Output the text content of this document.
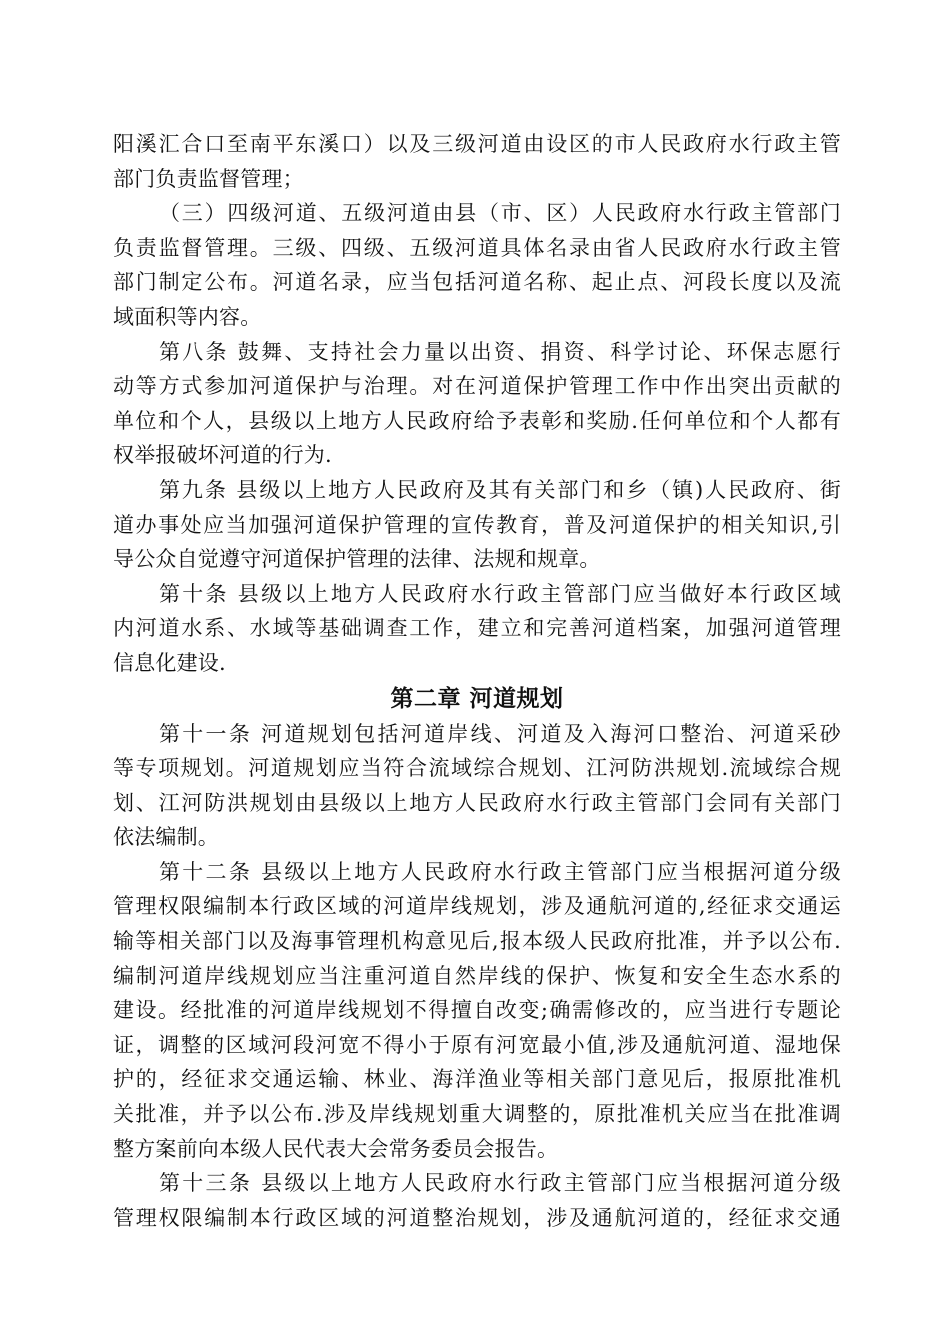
阳溪汇合口至南平东溪口）以及三级河道由设区的市人民政府水行政主管
部门负责监督管理；
（三）四级河道、五级河道由县（市、区）人民政府水行政主管部门
负责监督管理。三级、四级、五级河道具体名录由省人民政府水行政主管
部门制定公布。河道名录，应当包括河道名称、起止点、河段长度以及流
域面积等内容。
第八条 鼓舞、支持社会力量以出资、捐资、科学讨论、环保志愿行
动等方式参加河道保护与治理。对在河道保护管理工作中作出突出贡献的
单位和个人，县级以上地方人民政府给予表彰和奖励.任何单位和个人都有
权举报破坏河道的行为.
第九条 县级以上地方人民政府及其有关部门和乡（镇)人民政府、街
道办事处应当加强河道保护管理的宣传教育，普及河道保护的相关知识,引
导公众自觉遵守河道保护管理的法律、法规和规章。
第十条 县级以上地方人民政府水行政主管部门应当做好本行政区域
内河道水系、水域等基础调查工作，建立和完善河道档案，加强河道管理
信息化建设.
第二章 河道规划
第十一条 河道规划包括河道岸线、河道及入海河口整治、河道采砂
等专项规划。河道规划应当符合流域综合规划、江河防洪规划.流域综合规
划、江河防洪规划由县级以上地方人民政府水行政主管部门会同有关部门
依法编制。
第十二条 县级以上地方人民政府水行政主管部门应当根据河道分级
管理权限编制本行政区域的河道岸线规划，涉及通航河道的,经征求交通运
输等相关部门以及海事管理机构意见后,报本级人民政府批准，并予以公布.
编制河道岸线规划应当注重河道自然岸线的保护、恢复和安全生态水系的
建设。经批准的河道岸线规划不得擅自改变;确需修改的，应当进行专题论
证，调整的区域河段河宽不得小于原有河宽最小值,涉及通航河道、湿地保
护的，经征求交通运输、林业、海洋渔业等相关部门意见后，报原批准机
关批准，并予以公布.涉及岸线规划重大调整的，原批准机关应当在批准调
整方案前向本级人民代表大会常务委员会报告。
第十三条 县级以上地方人民政府水行政主管部门应当根据河道分级
管理权限编制本行政区域的河道整治规划，涉及通航河道的，经征求交通
